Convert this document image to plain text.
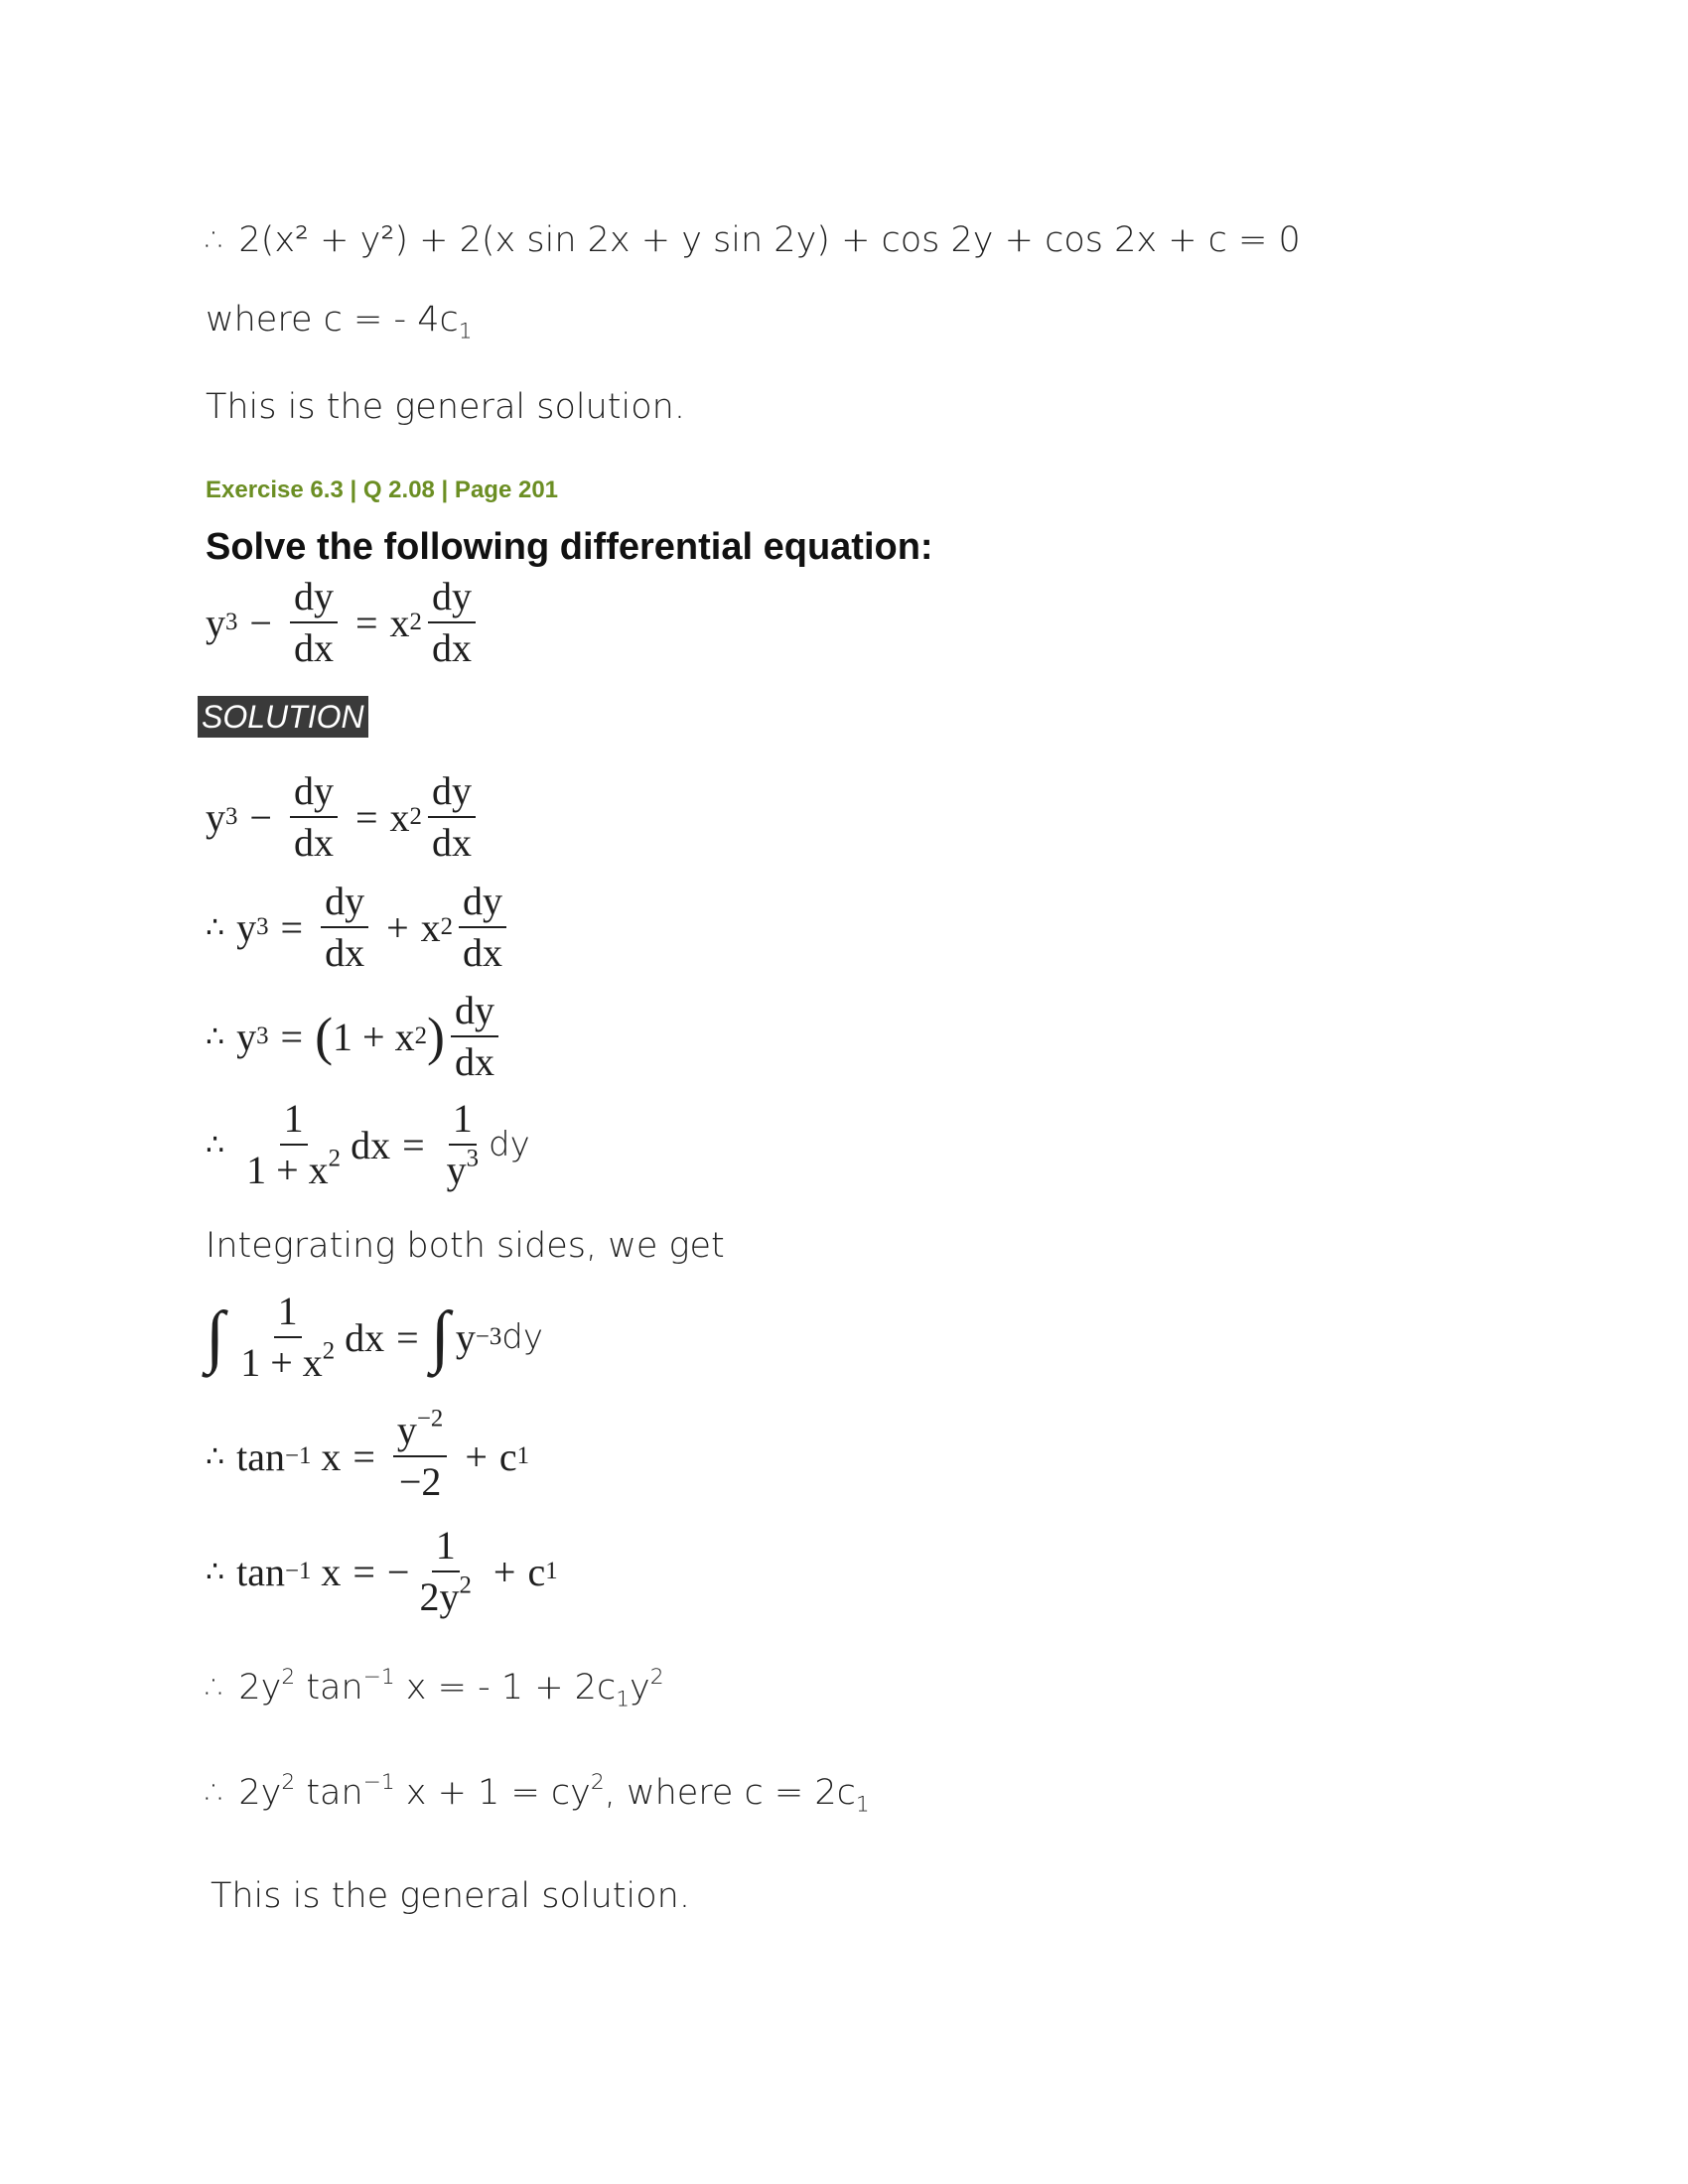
∴ 2(x² + y²) + 2(x sin 2x + y sin 2y) + cos 2y + cos 2x + c = 0
where c = - $4c_1$
This is the general solution.
Exercise 6.3 | Q 2.08 | Page 201
Solve the following differential equation:
y $3 - \frac{dy}{dx} = x$ $2 \frac{dy}{dx}$
SOLUTION
y $3 - \frac{dy}{dx} = x$ $2 \frac{dy}{dx}$
∴ y $3 = \frac{dy}{dx} + x$ $2 \frac{dy}{dx}$
∴ y 3 = ( 1 + x 2 ) $\frac{dy}{dx}$
∴ $\frac{1}{1 + x^2}$ dx = $\frac{1}{y^3}$ dy
Integrating both sides, we get
∫ $\frac{1}{1 + x^2}$ dx = ∫ y −3 dy
∴ tan −1
$x = \frac{y^{-2}}{-2} + c$ 1
∴ tan −1
x = − $\frac{1}{2y^2} + c$ 1
∴ $2y^2$ $\tan^{-1} x$ = - $1 + 2c_1y^2$
∴ $2y^2$ $\tan^{-1} x + 1 = cy^2$, where $c = 2c_1$
This is the general solution.
